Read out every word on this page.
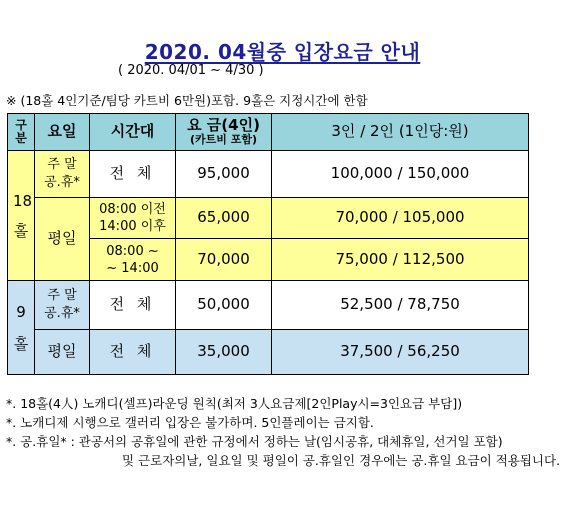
2020. 04월중 입장요금 안내
( 2020. 04/01 ~ 4/30 )
※ (18홀 4인기준/팀당 카트비 6만원)포함. 9홀은 지정시간에 한함
구분	요일	시간대	요 금(4인)
(카트비 포함)	3인 / 2인 (1인당:원)

18홀	주 말 공.휴*	전 체	95,000	100,000 / 150,000
	평일	08:00 이전 14:00 이후	65,000	70,000 / 105,000

		08:00 ~ ~ 14:00	70,000	75,000 / 112,500

9홀	주 말 공.휴*	전 체	50,000	52,500 / 78,750
	평일	전 체	35,000	37,500 / 56,250
*. 18홀(4人) 노캐디(셀프)라운딩 원칙(최저 3人요금제[2인Play시=3인요금 부담])
*. 노캐디제 시행으로 갤러리 입장은 불가하며. 5인플레이는 금지함.
*. 공.휴일* : 관공서의 공휴일에 관한 규정에서 정하는 날(임시공휴, 대체휴일, 선거일 포함)
및 근로자의날, 일요일 및 평일이 공.휴일인 경우에는 공.휴일 요금이 적용됩니다.
